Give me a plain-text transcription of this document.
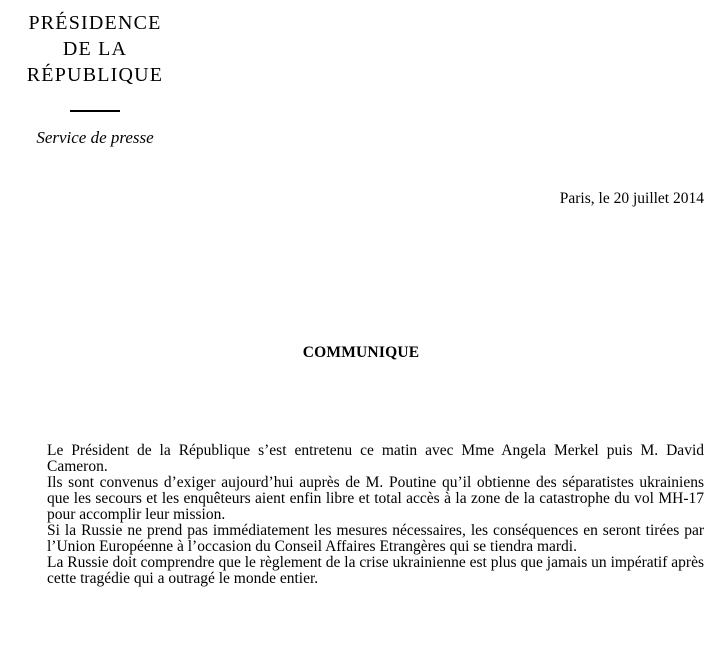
PRÉSIDENCE
DE LA
RÉPUBLIQUE
Service de presse
Paris, le 20 juillet 2014
COMMUNIQUE

Le Président de la République s’est entretenu ce matin avec Mme Angela Merkel puis M. David Cameron.

Ils sont convenus d’exiger aujourd’hui auprès de M. Poutine qu’il obtienne des séparatistes ukrainiens que les secours et les enquêteurs aient enfin libre et total accès à la zone de la catastrophe du vol MH-17 pour accomplir leur mission.

Si la Russie ne prend pas immédiatement les mesures nécessaires, les conséquences en seront tirées par l’Union Européenne à l’occasion du Conseil Affaires Etrangères qui se tiendra mardi.

La Russie doit comprendre que le règlement de la crise ukrainienne est plus que jamais un impératif après cette tragédie qui a outragé le monde entier.
